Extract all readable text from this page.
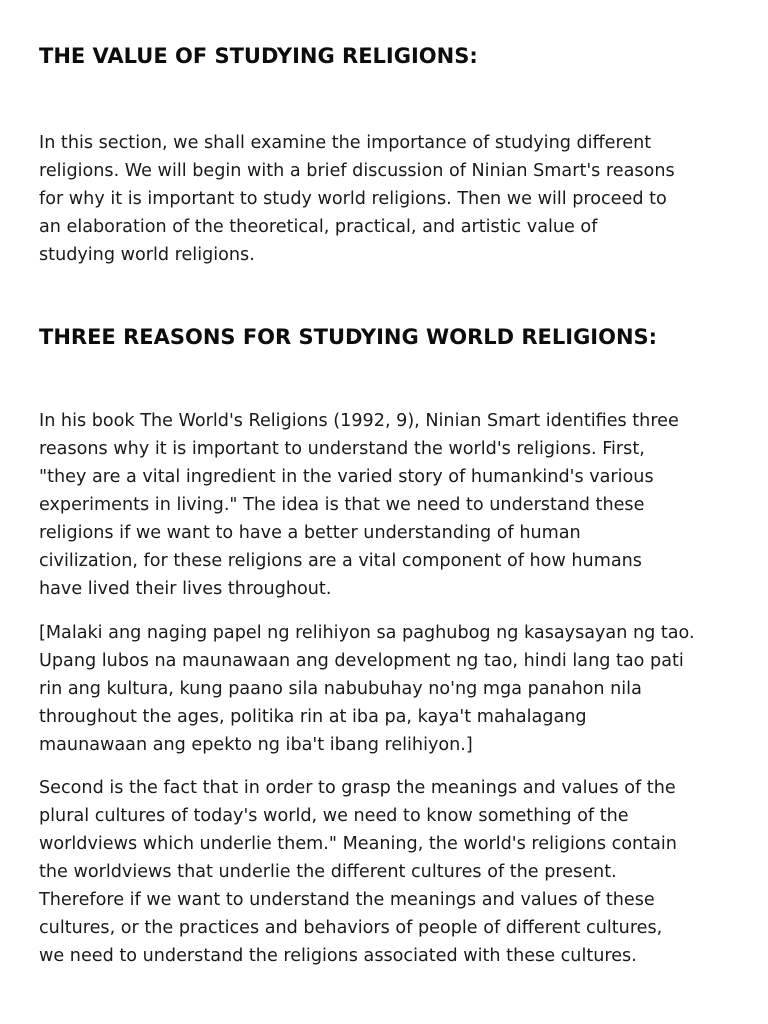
THE VALUE OF STUDYING RELIGIONS:

In this section, we shall examine the importance of studying different
religions. We will begin with a brief discussion of Ninian Smart's reasons
for why it is important to study world religions. Then we will proceed to
an elaboration of the theoretical, practical, and artistic value of
studying world religions.

THREE REASONS FOR STUDYING WORLD RELIGIONS:

In his book The World's Religions (1992, 9), Ninian Smart identifies three
reasons why it is important to understand the world's religions. First,
"they are a vital ingredient in the varied story of humankind's various
experiments in living." The idea is that we need to understand these
religions if we want to have a better understanding of human
civilization, for these religions are a vital component of how humans
have lived their lives throughout.

[Malaki ang naging papel ng relihiyon sa paghubog ng kasaysayan ng tao.
Upang lubos na maunawaan ang development ng tao, hindi lang tao pati
rin ang kultura, kung paano sila nabubuhay no'ng mga panahon nila
throughout the ages, politika rin at iba pa, kaya't mahalagang
maunawaan ang epekto ng iba't ibang relihiyon.]

Second is the fact that in order to grasp the meanings and values of the
plural cultures of today's world, we need to know something of the
worldviews which underlie them." Meaning, the world's religions contain
the worldviews that underlie the different cultures of the present.
Therefore if we want to understand the meanings and values of these
cultures, or the practices and behaviors of people of different cultures,
we need to understand the religions associated with these cultures.
